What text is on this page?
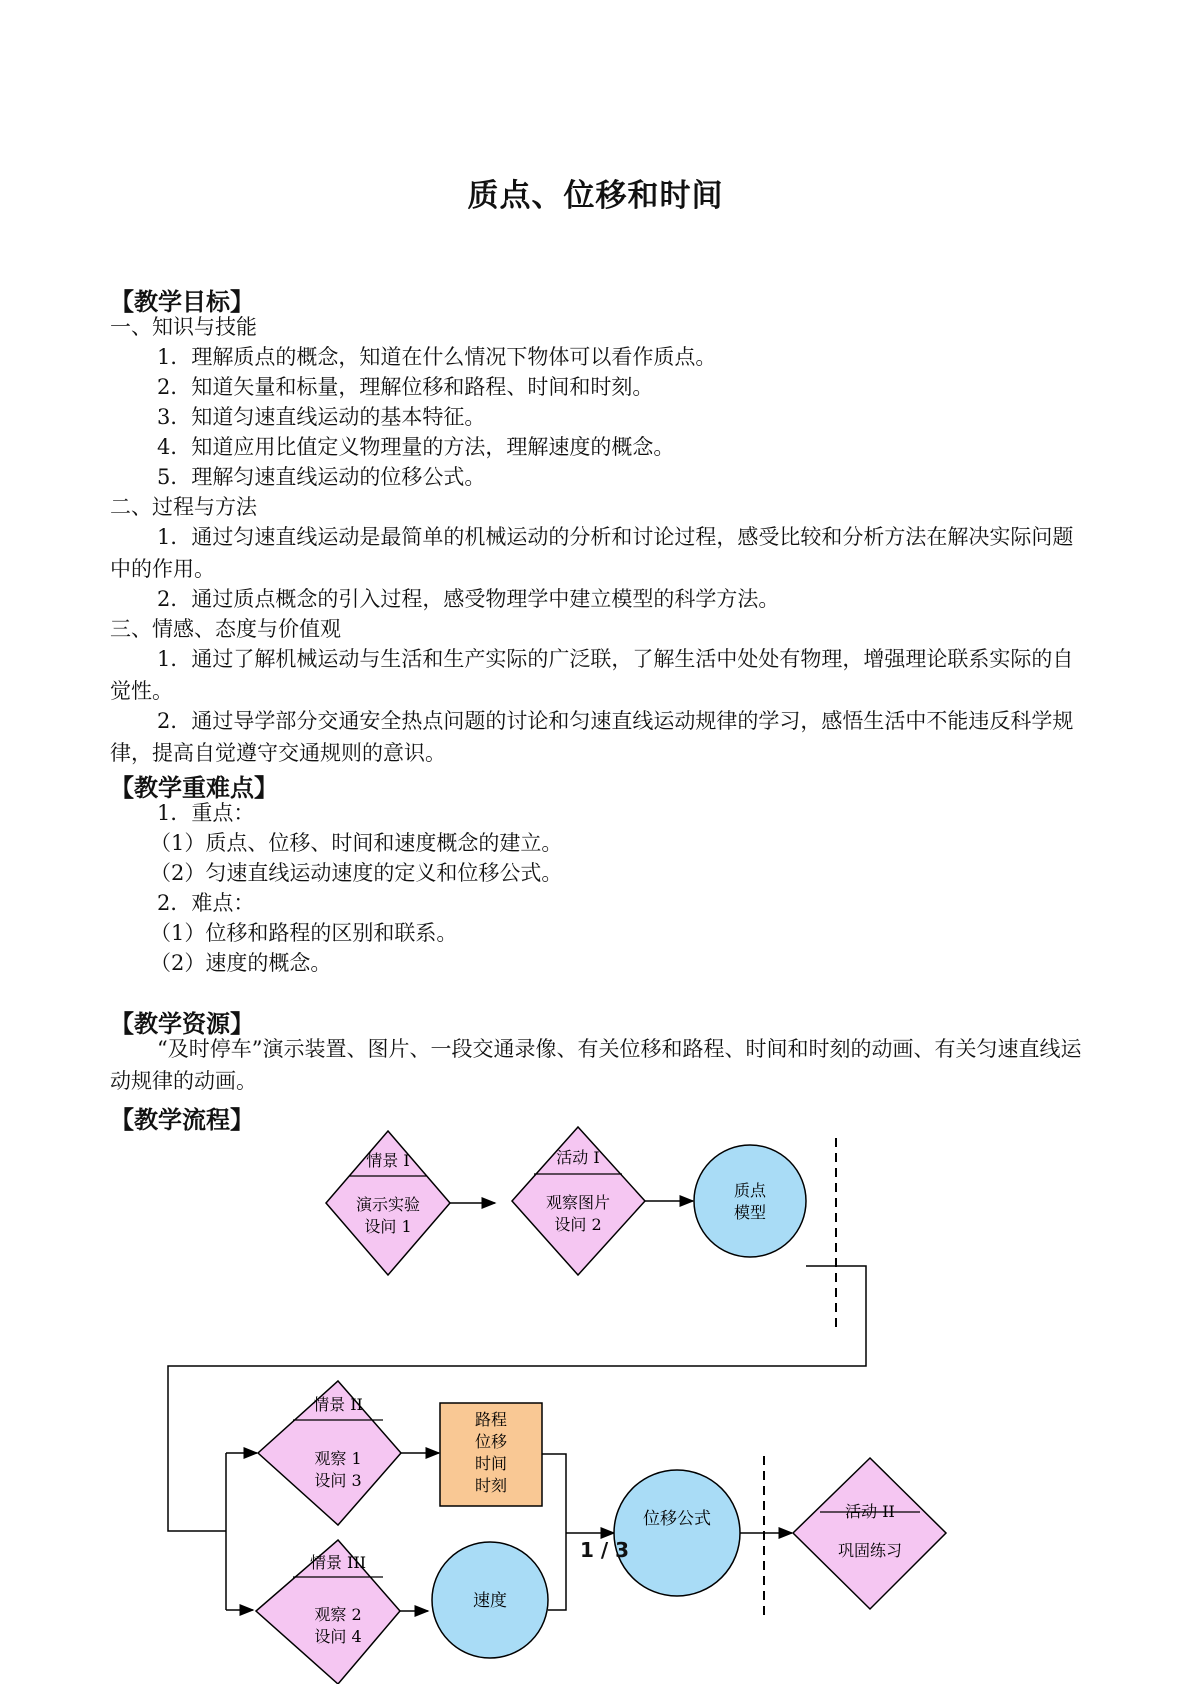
质点、位移和时间
【教学目标】
一、知识与技能
1．理解质点的概念，知道在什么情况下物体可以看作质点。
2．知道矢量和标量，理解位移和路程、时间和时刻。
3．知道匀速直线运动的基本特征。
4．知道应用比值定义物理量的方法，理解速度的概念。
5．理解匀速直线运动的位移公式。
二、过程与方法
1．通过匀速直线运动是最简单的机械运动的分析和讨论过程，感受比较和分析方法在解决实际问题中的作用。
2．通过质点概念的引入过程，感受物理学中建立模型的科学方法。
三、情感、态度与价值观
1．通过了解机械运动与生活和生产实际的广泛联，了解生活中处处有物理，增强理论联系实际的自觉性。
2．通过导学部分交通安全热点问题的讨论和匀速直线运动规律的学习，感悟生活中不能违反科学规律，提高自觉遵守交通规则的意识。
【教学重难点】
1．重点：
（1）质点、位移、时间和速度概念的建立。
（2）匀速直线运动速度的定义和位移公式。
2．难点：
（1）位移和路程的区别和联系。
（2）速度的概念。
【教学资源】
“及时停车”演示装置、图片、一段交通录像、有关位移和路程、时间和时刻的动画、有关匀速直线运动规律的动画。
【教学流程】
情景 I
演示实验
设问 1
活动 I
观察图片
设问 2
质点
模型
情景 II
观察 1
设问 3
路程
位移
时间
时刻
情景 III
观察 2
设问 4
速度
位移公式	活动 II
巩固练习
1 / 3
